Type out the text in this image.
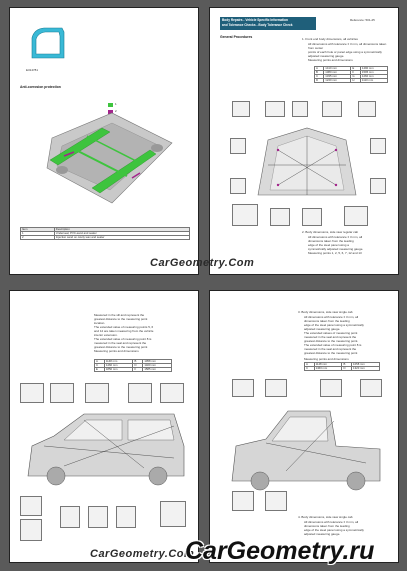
E314781
Anti-corrosion protection
1
2
Item	Description
1	Underseal, PVC-sand and sealer
2	Injection sand on cavity wax and sealer
Body Repairs - Vehicle Specific Information
and Tolerance Checks - Body Tolerance Check
Reference: 501-25
General Procedures	1. Front end body dimensions, all vehicles
All dimensions with tolerance ± 3 mm, all dimensions taken from center
points of each hole or panel edge using a symmetrically adjusted measuring gauge.
Measuring points and dimensions
A	1410 mm	E	1490 mm
B	1380 mm	F	1595 mm
C	1335 mm	G	1260 mm
D	1240 mm	H	1110 mm
2. Body dimensions, side view regular cab
All dimensions with tolerance ± 3 mm, all
dimensions taken from the leading
edge of the steel panel using a
symmetrically adjusted measuring gauge.
Measuring points 1, 2, 5, 6, 7, 12 and 13
CarGeometry.Com
Measured in the sill and represent the
greatest distance to the measuring point
location.
The extended value of measuring points 5, 6
and 12 are taken measuring from the vehicle
interior extension.
The extended value of measuring point 8 is
measured in the seal and represent the
greatest distance to the measuring point
Measuring points and dimensions
A	1148 mm	B	1058 mm
C	1460 mm	D	1320 mm
E	1850 mm	F	1585 mm
3. Body dimensions, side view single cab
All dimensions with tolerance ± 3 mm, all
dimensions taken from the leading
edge of the steel panel using a symmetrically
adjusted measuring gauge.
The extended values of measuring point
measured in the seal and represent the
greatest distance to the measuring point.
The extended value of measuring point 8 is
measured in the seal and represent the
greatest distance to the measuring point
Measuring points and dimensions
A	1148 mm	B	1058 mm
C	1460 mm	D	1320 mm
4. Body dimensions, side view single cab
All dimensions with tolerance ± 3 mm, all
dimensions taken from the leading
edge of the steel panel using a symmetrically
adjusted measuring gauge.
CarGeometry.Com
CarGeometry.ru
